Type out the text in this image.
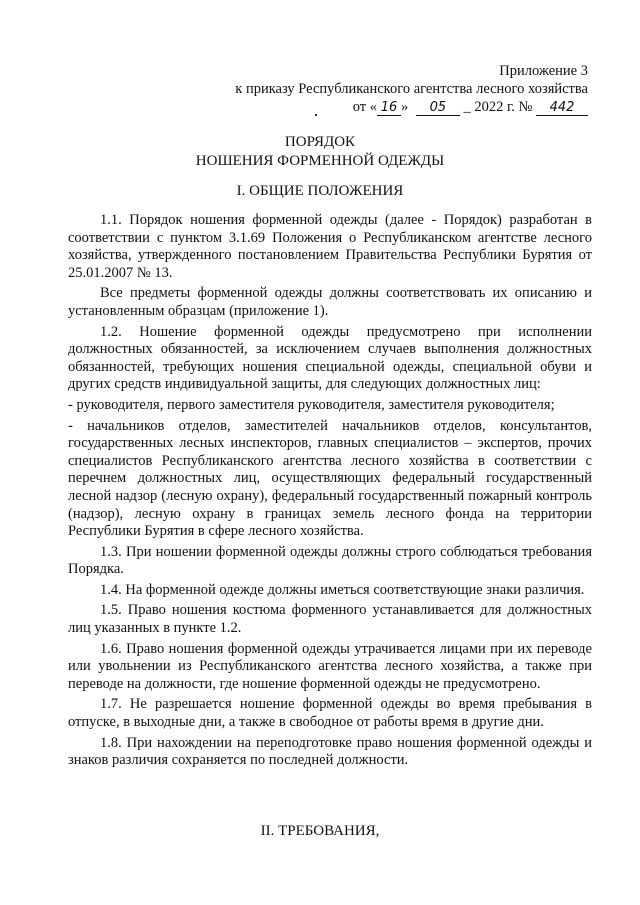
Приложение 3
к приказу Республиканского агентства лесного хозяйства
от « 16 » 05 _ 2022 г. № 442
ПОРЯДОК
НОШЕНИЯ ФОРМЕННОЙ ОДЕЖДЫ
I. ОБЩИЕ ПОЛОЖЕНИЯ

1.1. Порядок ношения форменной одежды (далее - Порядок) разработан в соответствии с пунктом 3.1.69 Положения о Республиканском агентстве лесного хозяйства, утвержденного постановлением Правительства Республики Бурятия от 25.01.2007 № 13.

Все предметы форменной одежды должны соответствовать их описанию и установленным образцам (приложение 1).

1.2. Ношение форменной одежды предусмотрено при исполнении должностных обязанностей, за исключением случаев выполнения должностных обязанностей, требующих ношения специальной одежды, специальной обуви и других средств индивидуальной защиты, для следующих должностных лиц:

- руководителя, первого заместителя руководителя, заместителя руководителя;

- начальников отделов, заместителей начальников отделов, консультантов, государственных лесных инспекторов, главных специалистов – экспертов, прочих специалистов Республиканского агентства лесного хозяйства в соответствии с перечнем должностных лиц, осуществляющих федеральный государственный лесной надзор (лесную охрану), федеральный государственный пожарный контроль (надзор), лесную охрану в границах земель лесного фонда на территории Республики Бурятия в сфере лесного хозяйства.

1.3. При ношении форменной одежды должны строго соблюдаться требования Порядка.

1.4. На форменной одежде должны иметься соответствующие знаки различия.

1.5. Право ношения костюма форменного устанавливается для должностных лиц указанных в пункте 1.2.

1.6. Право ношения форменной одежды утрачивается лицами при их переводе или увольнении из Республиканского агентства лесного хозяйства, а также при переводе на должности, где ношение форменной одежды не предусмотрено.

1.7. Не разрешается ношение форменной одежды во время пребывания в отпуске, в выходные дни, а также в свободное от работы время в другие дни.

1.8. При нахождении на переподготовке право ношения форменной одежды и знаков различия сохраняется по последней должности.

II. ТРЕБОВАНИЯ,
